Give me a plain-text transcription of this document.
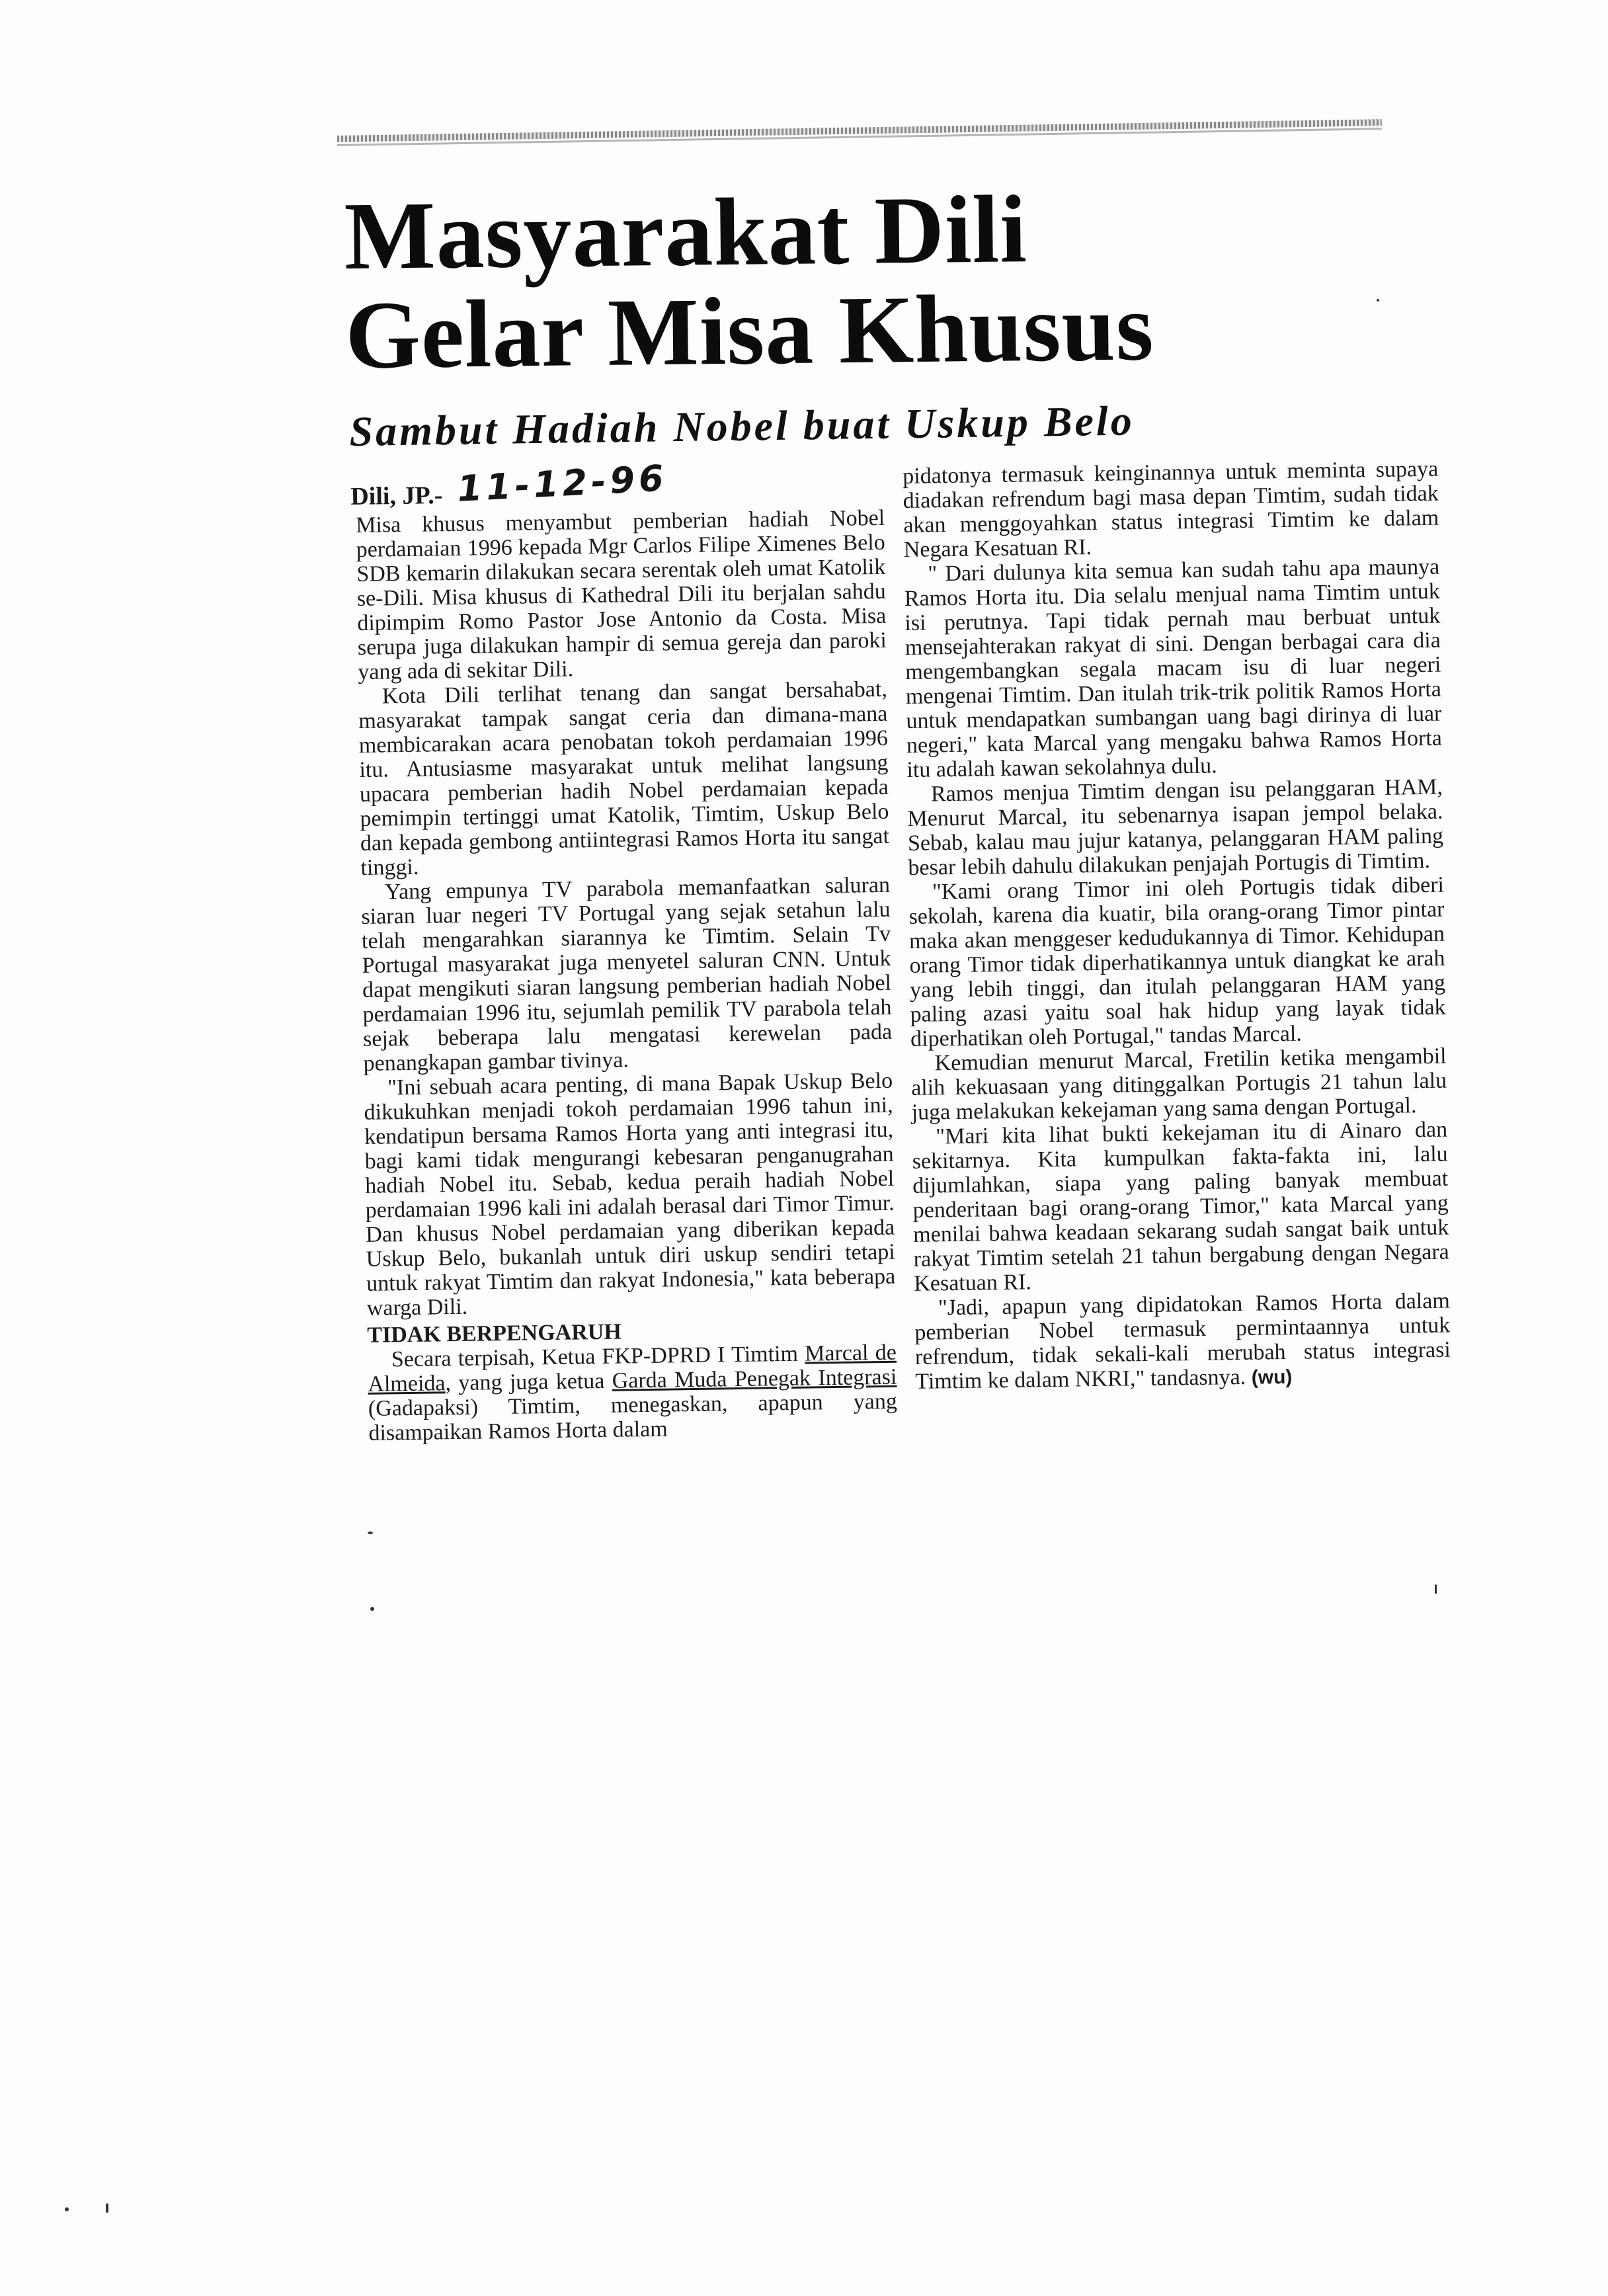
Masyarakat Dili
Gelar Misa Khusus
Sambut Hadiah Nobel buat Uskup Belo
Dili, JP.- 11-12-96

Misa khusus menyambut pemberian hadiah Nobel perdamaian 1996 kepada Mgr Carlos Filipe Ximenes Belo SDB kemarin dilakukan secara serentak oleh umat Katolik se-Dili. Misa khusus di Kathedral Dili itu berjalan sahdu dipimpim Romo Pastor Jose Antonio da Costa. Misa serupa juga dilakukan hampir di semua gereja dan paroki yang ada di sekitar Dili.

Kota Dili terlihat tenang dan sangat bersahabat, masyarakat tampak sangat ceria dan dimana-mana membicarakan acara penobatan tokoh perdamaian 1996 itu. Antusiasme masyarakat untuk melihat langsung upacara pemberian hadih Nobel perdamaian kepada pemimpin tertinggi umat Katolik, Timtim, Uskup Belo dan kepada gembong antiintegrasi Ramos Horta itu sangat tinggi.

Yang empunya TV parabola memanfaatkan saluran siaran luar negeri TV Portugal yang sejak setahun lalu telah mengarahkan siarannya ke Timtim. Selain Tv Portugal masyarakat juga menyetel saluran CNN. Untuk dapat mengikuti siaran langsung pemberian hadiah Nobel perdamaian 1996 itu, sejumlah pemilik TV parabola telah sejak beberapa lalu mengatasi kerewelan pada penangkapan gambar tivinya.

"Ini sebuah acara penting, di mana Bapak Uskup Belo dikukuhkan menjadi tokoh perdamaian 1996 tahun ini, kendatipun bersama Ramos Horta yang anti integrasi itu, bagi kami tidak mengurangi kebesaran penganugrahan hadiah Nobel itu. Sebab, kedua peraih hadiah Nobel perdamaian 1996 kali ini adalah berasal dari Timor Timur. Dan khusus Nobel perdamaian yang diberikan kepada Uskup Belo, bukanlah untuk diri uskup sendiri tetapi untuk rakyat Timtim dan rakyat Indonesia," kata beberapa warga Dili.

TIDAK BERPENGARUH

Secara terpisah, Ketua FKP-DPRD I Timtim Marcal de Almeida, yang juga ketua Garda Muda Penegak Integrasi (Gadapaksi) Timtim, menegaskan, apapun yang disampaikan Ramos Horta dalam

pidatonya termasuk keinginannya untuk meminta supaya diadakan refrendum bagi masa depan Timtim, sudah tidak akan menggoyahkan status integrasi Timtim ke dalam Negara Kesatuan RI.

" Dari dulunya kita semua kan sudah tahu apa maunya Ramos Horta itu. Dia selalu menjual nama Timtim untuk isi perutnya. Tapi tidak pernah mau berbuat untuk mensejahterakan rakyat di sini. Dengan berbagai cara dia mengembangkan segala macam isu di luar negeri mengenai Timtim. Dan itulah trik-trik politik Ramos Horta untuk mendapatkan sumbangan uang bagi dirinya di luar negeri," kata Marcal yang mengaku bahwa Ramos Horta itu adalah kawan sekolahnya dulu.

Ramos menjua Timtim dengan isu pelanggaran HAM, Menurut Marcal, itu sebenarnya isapan jempol belaka. Sebab, kalau mau jujur katanya, pelanggaran HAM paling besar lebih dahulu dilakukan penjajah Portugis di Timtim.

"Kami orang Timor ini oleh Portugis tidak diberi sekolah, karena dia kuatir, bila orang-orang Timor pintar maka akan menggeser kedudukannya di Timor. Kehidupan orang Timor tidak diperhatikannya untuk diangkat ke arah yang lebih tinggi, dan itulah pelanggaran HAM yang paling azasi yaitu soal hak hidup yang layak tidak diperhatikan oleh Portugal," tandas Marcal.

Kemudian menurut Marcal, Fretilin ketika mengambil alih kekuasaan yang ditinggalkan Portugis 21 tahun lalu juga melakukan kekejaman yang sama dengan Portugal.

"Mari kita lihat bukti kekejaman itu di Ainaro dan sekitarnya. Kita kumpulkan fakta-fakta ini, lalu dijumlahkan, siapa yang paling banyak membuat penderitaan bagi orang-orang Timor," kata Marcal yang menilai bahwa keadaan sekarang sudah sangat baik untuk rakyat Timtim setelah 21 tahun bergabung dengan Negara Kesatuan RI.

"Jadi, apapun yang dipidatokan Ramos Horta dalam pemberian Nobel termasuk permintaannya untuk refrendum, tidak sekali-kali merubah status integrasi Timtim ke dalam NKRI," tandasnya. (wu)
